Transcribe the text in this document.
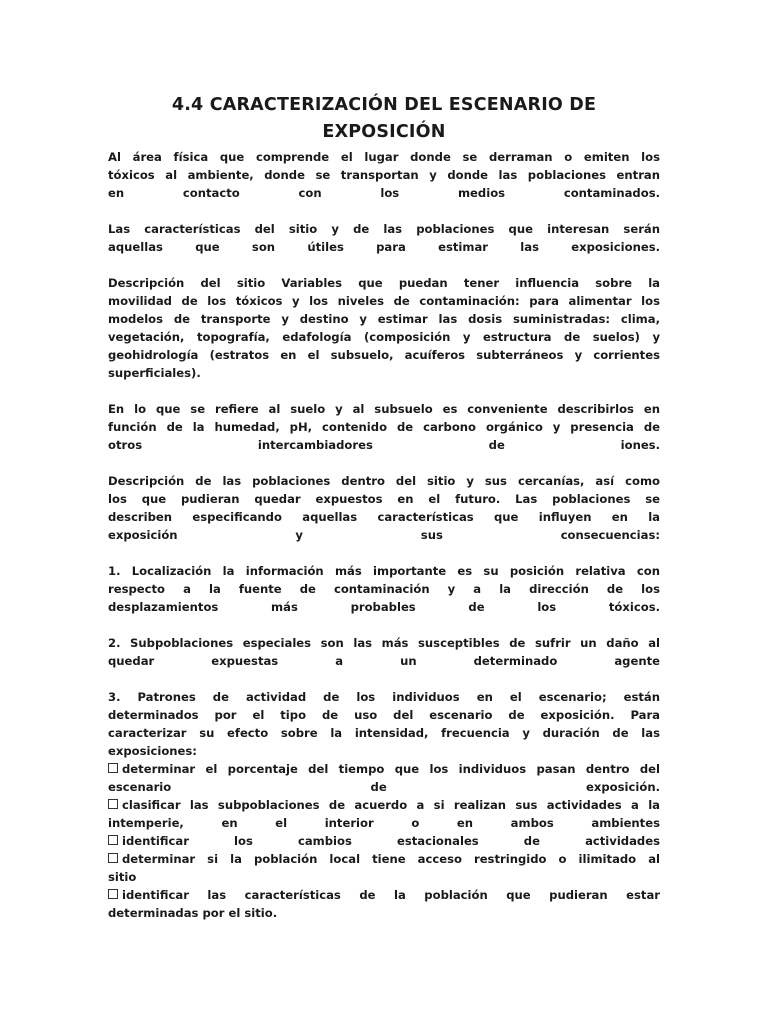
4.4 CARACTERIZACIÓN DEL ESCENARIO DE
EXPOSICIÓN
Al área física que comprende el lugar donde se derraman o emiten los
tóxicos al ambiente, donde se transportan y donde las poblaciones entran
en contacto con los medios contaminados.
Las características del sitio y de las poblaciones que interesan serán
aquellas que son útiles para estimar las exposiciones.
Descripción del sitio Variables que puedan tener influencia sobre la
movilidad de los tóxicos y los niveles de contaminación: para alimentar los
modelos de transporte y destino y estimar las dosis suministradas: clima,
vegetación, topografía, edafología (composición y estructura de suelos) y
geohidrología (estratos en el subsuelo, acuíferos subterráneos y corrientes
superficiales).
En lo que se refiere al suelo y al subsuelo es conveniente describirlos en
función de la humedad, pH, contenido de carbono orgánico y presencia de
otros intercambiadores de iones.
Descripción de las poblaciones dentro del sitio y sus cercanías, así como
los que pudieran quedar expuestos en el futuro. Las poblaciones se
describen especificando aquellas características que influyen en la
exposición y sus consecuencias:
1. Localización la información más importante es su posición relativa con
respecto a la fuente de contaminación y a la dirección de los
desplazamientos más probables de los tóxicos.
2. Subpoblaciones especiales son las más susceptibles de sufrir un daño al
quedar expuestas a un determinado agente
3. Patrones de actividad de los individuos en el escenario; están
determinados por el tipo de uso del escenario de exposición. Para
caracterizar su efecto sobre la intensidad, frecuencia y duración de las
exposiciones:
determinar el porcentaje del tiempo que los individuos pasan dentro del
escenario de exposición.
clasificar las subpoblaciones de acuerdo a si realizan sus actividades a la
intemperie, en el interior o en ambos ambientes
identificar los cambios estacionales de actividades
determinar si la población local tiene acceso restringido o ilimitado al
sitio
identificar las características de la población que pudieran estar
determinadas por el sitio.
